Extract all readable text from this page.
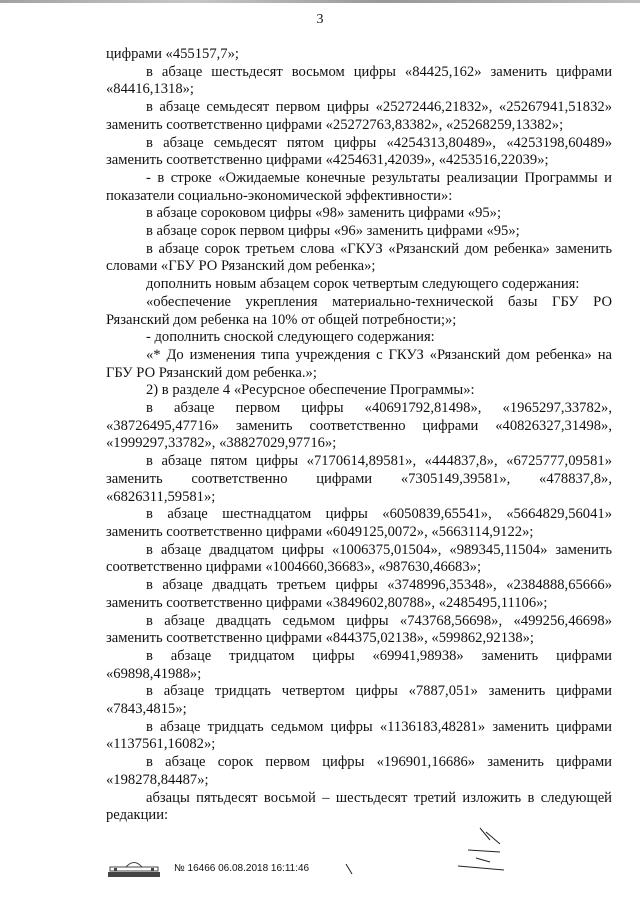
3

цифрами «455157,7»;

в абзаце шестьдесят восьмом цифры «84425,162» заменить цифрами «84416,1318»;

в абзаце семьдесят первом цифры «25272446,21832», «25267941,51832» заменить соответственно цифрами «25272763,83382», «25268259,13382»;

в абзаце семьдесят пятом цифры «4254313,80489», «4253198,60489» заменить соответственно цифрами «4254631,42039», «4253516,22039»;

- в строке «Ожидаемые конечные результаты реализации Программы и показатели социально-экономической эффективности»:

в абзаце сороковом цифры «98» заменить цифрами «95»;

в абзаце сорок первом цифры «96» заменить цифрами «95»;

в абзаце сорок третьем слова «ГКУЗ «Рязанский дом ребенка» заменить словами «ГБУ РО Рязанский дом ребенка»;

дополнить новым абзацем сорок четвертым следующего содержания:

«обеспечение укрепления материально-технической базы ГБУ РО Рязанский дом ребенка на 10% от общей потребности;»;

- дополнить сноской следующего содержания:

«* До изменения типа учреждения с ГКУЗ «Рязанский дом ребенка» на ГБУ РО Рязанский дом ребенка.»;

2) в разделе 4 «Ресурсное обеспечение Программы»:

в абзаце первом цифры «40691792,81498», «1965297,33782», «38726495,47716» заменить соответственно цифрами «40826327,31498», «1999297,33782», «38827029,97716»;

в абзаце пятом цифры «7170614,89581», «444837,8», «6725777,09581» заменить соответственно цифрами «7305149,39581», «478837,8», «6826311,59581»;

в абзаце шестнадцатом цифры «6050839,65541», «5664829,56041» заменить соответственно цифрами «6049125,0072», «5663114,9122»;

в абзаце двадцатом цифры «1006375,01504», «989345,11504» заменить соответственно цифрами «1004660,36683», «987630,46683»;

в абзаце двадцать третьем цифры «3748996,35348», «2384888,65666» заменить соответственно цифрами «3849602,80788», «2485495,11106»;

в абзаце двадцать седьмом цифры «743768,56698», «499256,46698» заменить соответственно цифрами «844375,02138», «599862,92138»;

в абзаце тридцатом цифры «69941,98938» заменить цифрами «69898,41988»;

в абзаце тридцать четвертом цифры «7887,051» заменить цифрами «7843,4815»;

в абзаце тридцать седьмом цифры «1136183,48281» заменить цифрами «1137561,16082»;

в абзаце сорок первом цифры «196901,16686» заменить цифрами «198278,84487»;

абзацы пятьдесят восьмой – шестьдесят третий изложить в следующей редакции:

№ 16466 06.08.2018 16:11:46
